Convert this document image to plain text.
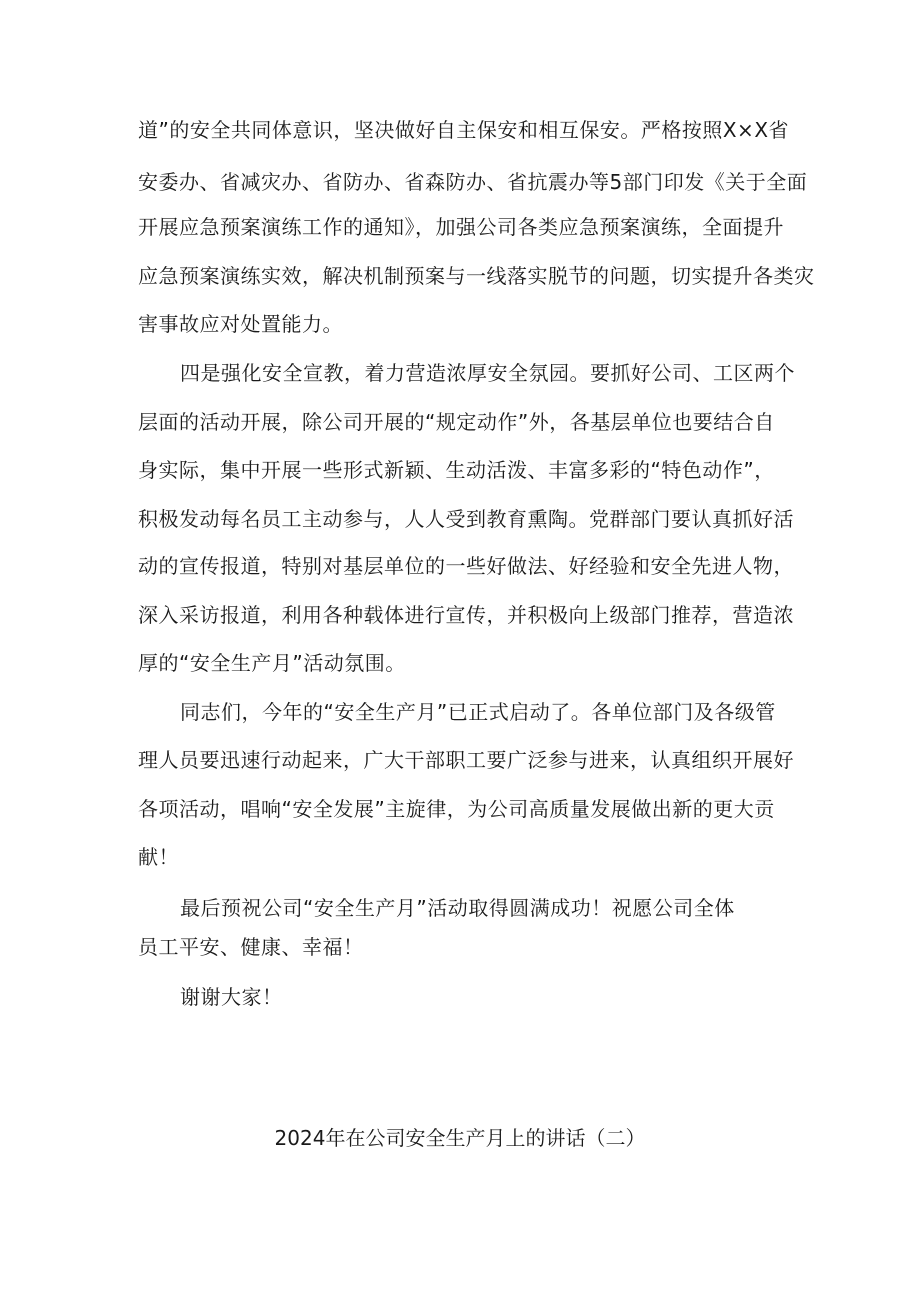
道”的安全共同体意识，坚决做好自主保安和相互保安。严格按照X×X省
安委办、省减灾办、省防办、省森防办、省抗震办等5部门印发《关于全面
开展应急预案演练工作的通知》，加强公司各类应急预案演练，全面提升
应急预案演练实效，解决机制预案与一线落实脱节的问题，切实提升各类灾
害事故应对处置能力。
四是强化安全宣教，着力营造浓厚安全氛园。要抓好公司、工区两个
层面的活动开展，除公司开展的“规定动作”外，各基层单位也要结合自
身实际，集中开展一些形式新颖、生动活泼、丰富多彩的“特色动作”，
积极发动每名员工主动参与，人人受到教育熏陶。党群部门要认真抓好活
动的宣传报道，特别对基层单位的一些好做法、好经验和安全先进人物，
深入采访报道，利用各种载体进行宣传，并积极向上级部门推荐，营造浓
厚的“安全生产月”活动氛围。
同志们，今年的“安全生产月”已正式启动了。各单位部门及各级管
理人员要迅速行动起来，广大干部职工要广泛参与进来，认真组织开展好
各项活动，唱响“安全发展”主旋律，为公司高质量发展做出新的更大贡
献！
最后预祝公司“安全生产月”活动取得圆满成功！祝愿公司全体
员工平安、健康、幸福！
谢谢大家！
2024年在公司安全生产月上的讲话（二）
